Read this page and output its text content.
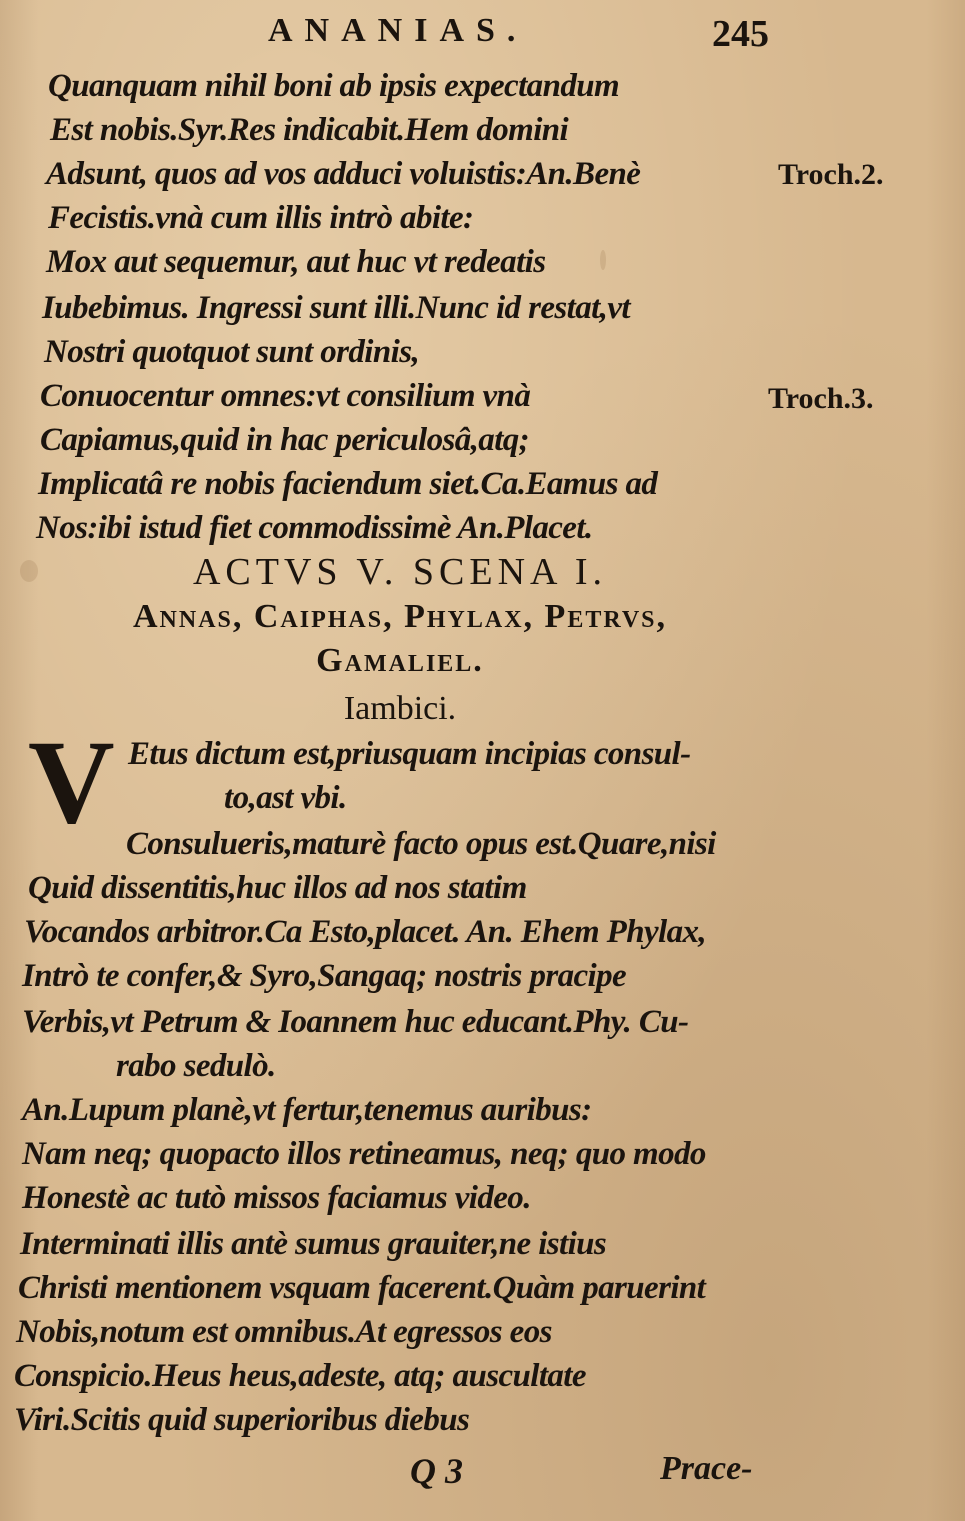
ANANIAS.	245
Quanquam nihil boni ab ipsis expectandum
Est nobis.Syr.Res indicabit.Hem domini
Adsunt, quos ad vos adduci voluistis:An.Benè
Fecistis.vnà cum illis intrò abite:
Mox aut sequemur, aut huc vt redeatis
Iubebimus. Ingressi sunt illi.Nunc id restat,vt
Nostri quotquot sunt ordinis,
Conuocentur omnes:vt consilium vnà
Capiamus,quid in hac periculosâ,atq;
Implicatâ re nobis faciendum siet.Ca.Eamus ad
Nos:ibi istud fiet commodissimè An.Placet.
Troch.2.
Troch.3.
ACTVS V. SCENA I.
Annas, Caiphas, Phylax, Petrvs,
Gamaliel.
Iambici.
V Etus dictum est,priusquam incipias consul-
to,ast vbi.
Consulueris,maturè facto opus est.Quare,nisi
Quid dissentitis,huc illos ad nos statim
Vocandos arbitror.Ca Esto,placet. An. Ehem Phylax,
Intrò te confer,& Syro,Sangaq; nostris pracipe
Verbis,vt Petrum & Ioannem huc educant.Phy. Cu-
rabo sedulò.
An.Lupum planè,vt fertur,tenemus auribus:
Nam neq; quopacto illos retineamus, neq; quo modo
Honestè ac tutò missos faciamus video.
Interminati illis antè sumus grauiter,ne istius
Christi mentionem vsquam facerent.Quàm paruerint
Nobis,notum est omnibus.At egressos eos
Conspicio.Heus heus,adeste, atq; auscultate
Viri.Scitis quid superioribus diebus
Q 3	Prace-
